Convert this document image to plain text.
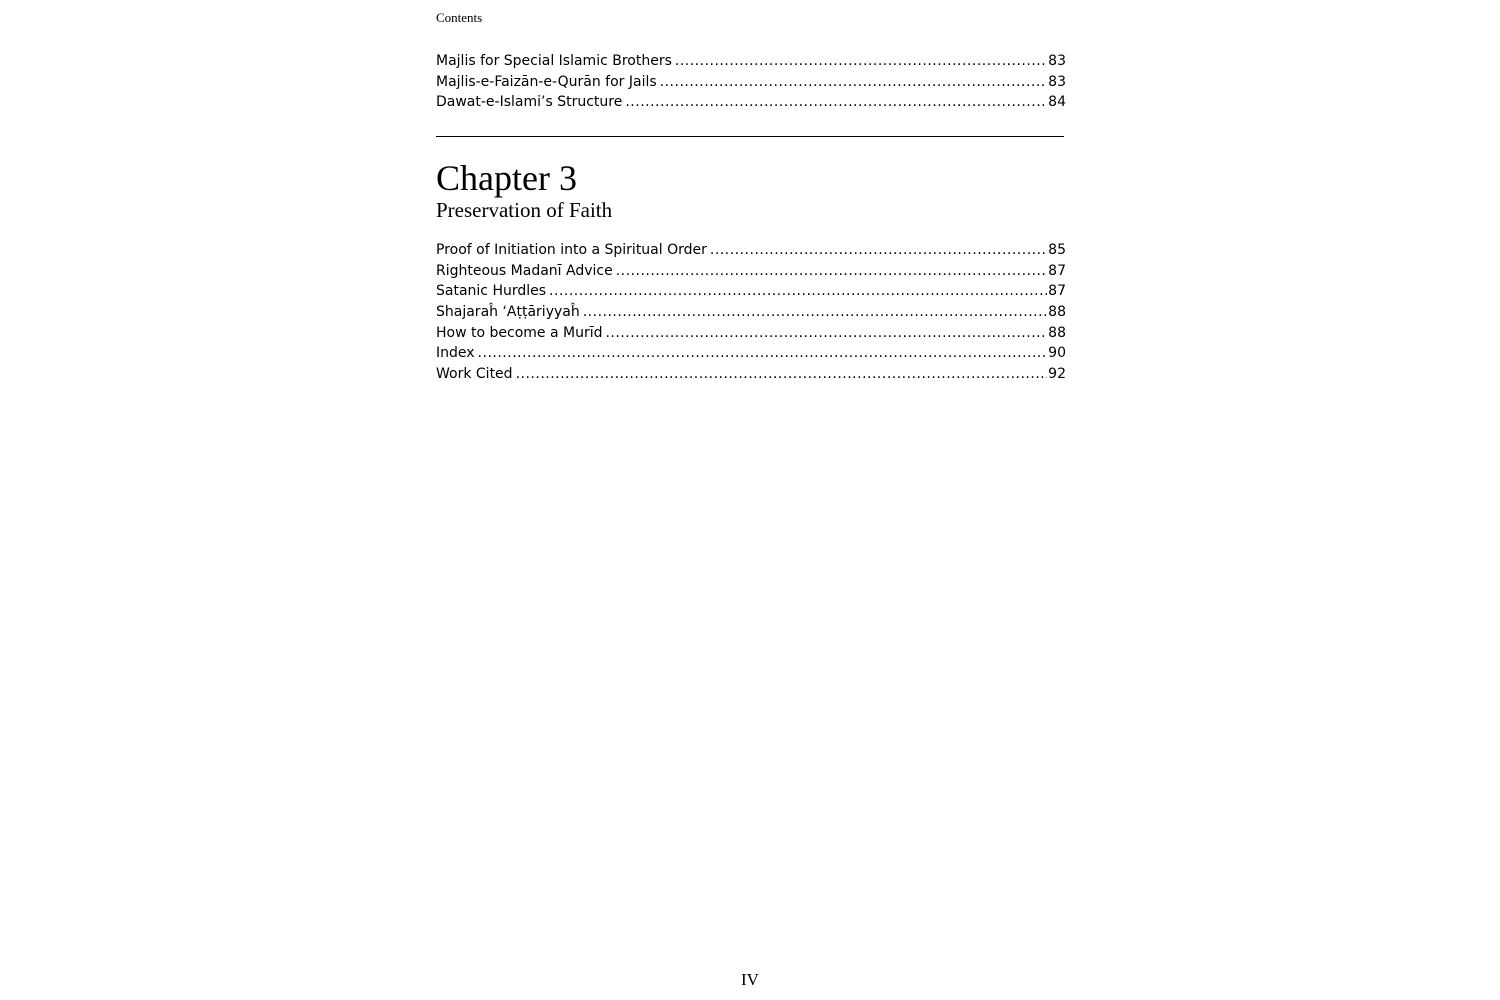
Contents
Majlis for Special Islamic Brothers .....	83
Majlis-e-Faizān-e-Qurān for Jails .....	83
Dawat-e-Islami’s Structure .....	84
Chapter 3
Preservation of Faith
Proof of Initiation into a Spiritual Order .....	85
Righteous Madanī Advice .....	87
Satanic Hurdles .....	87
Shajaraĥ ‘Aṭṭāriyyaĥ .....	88
How to become a Murīd .....	88
Index .....	90
Work Cited .....	92
IV
